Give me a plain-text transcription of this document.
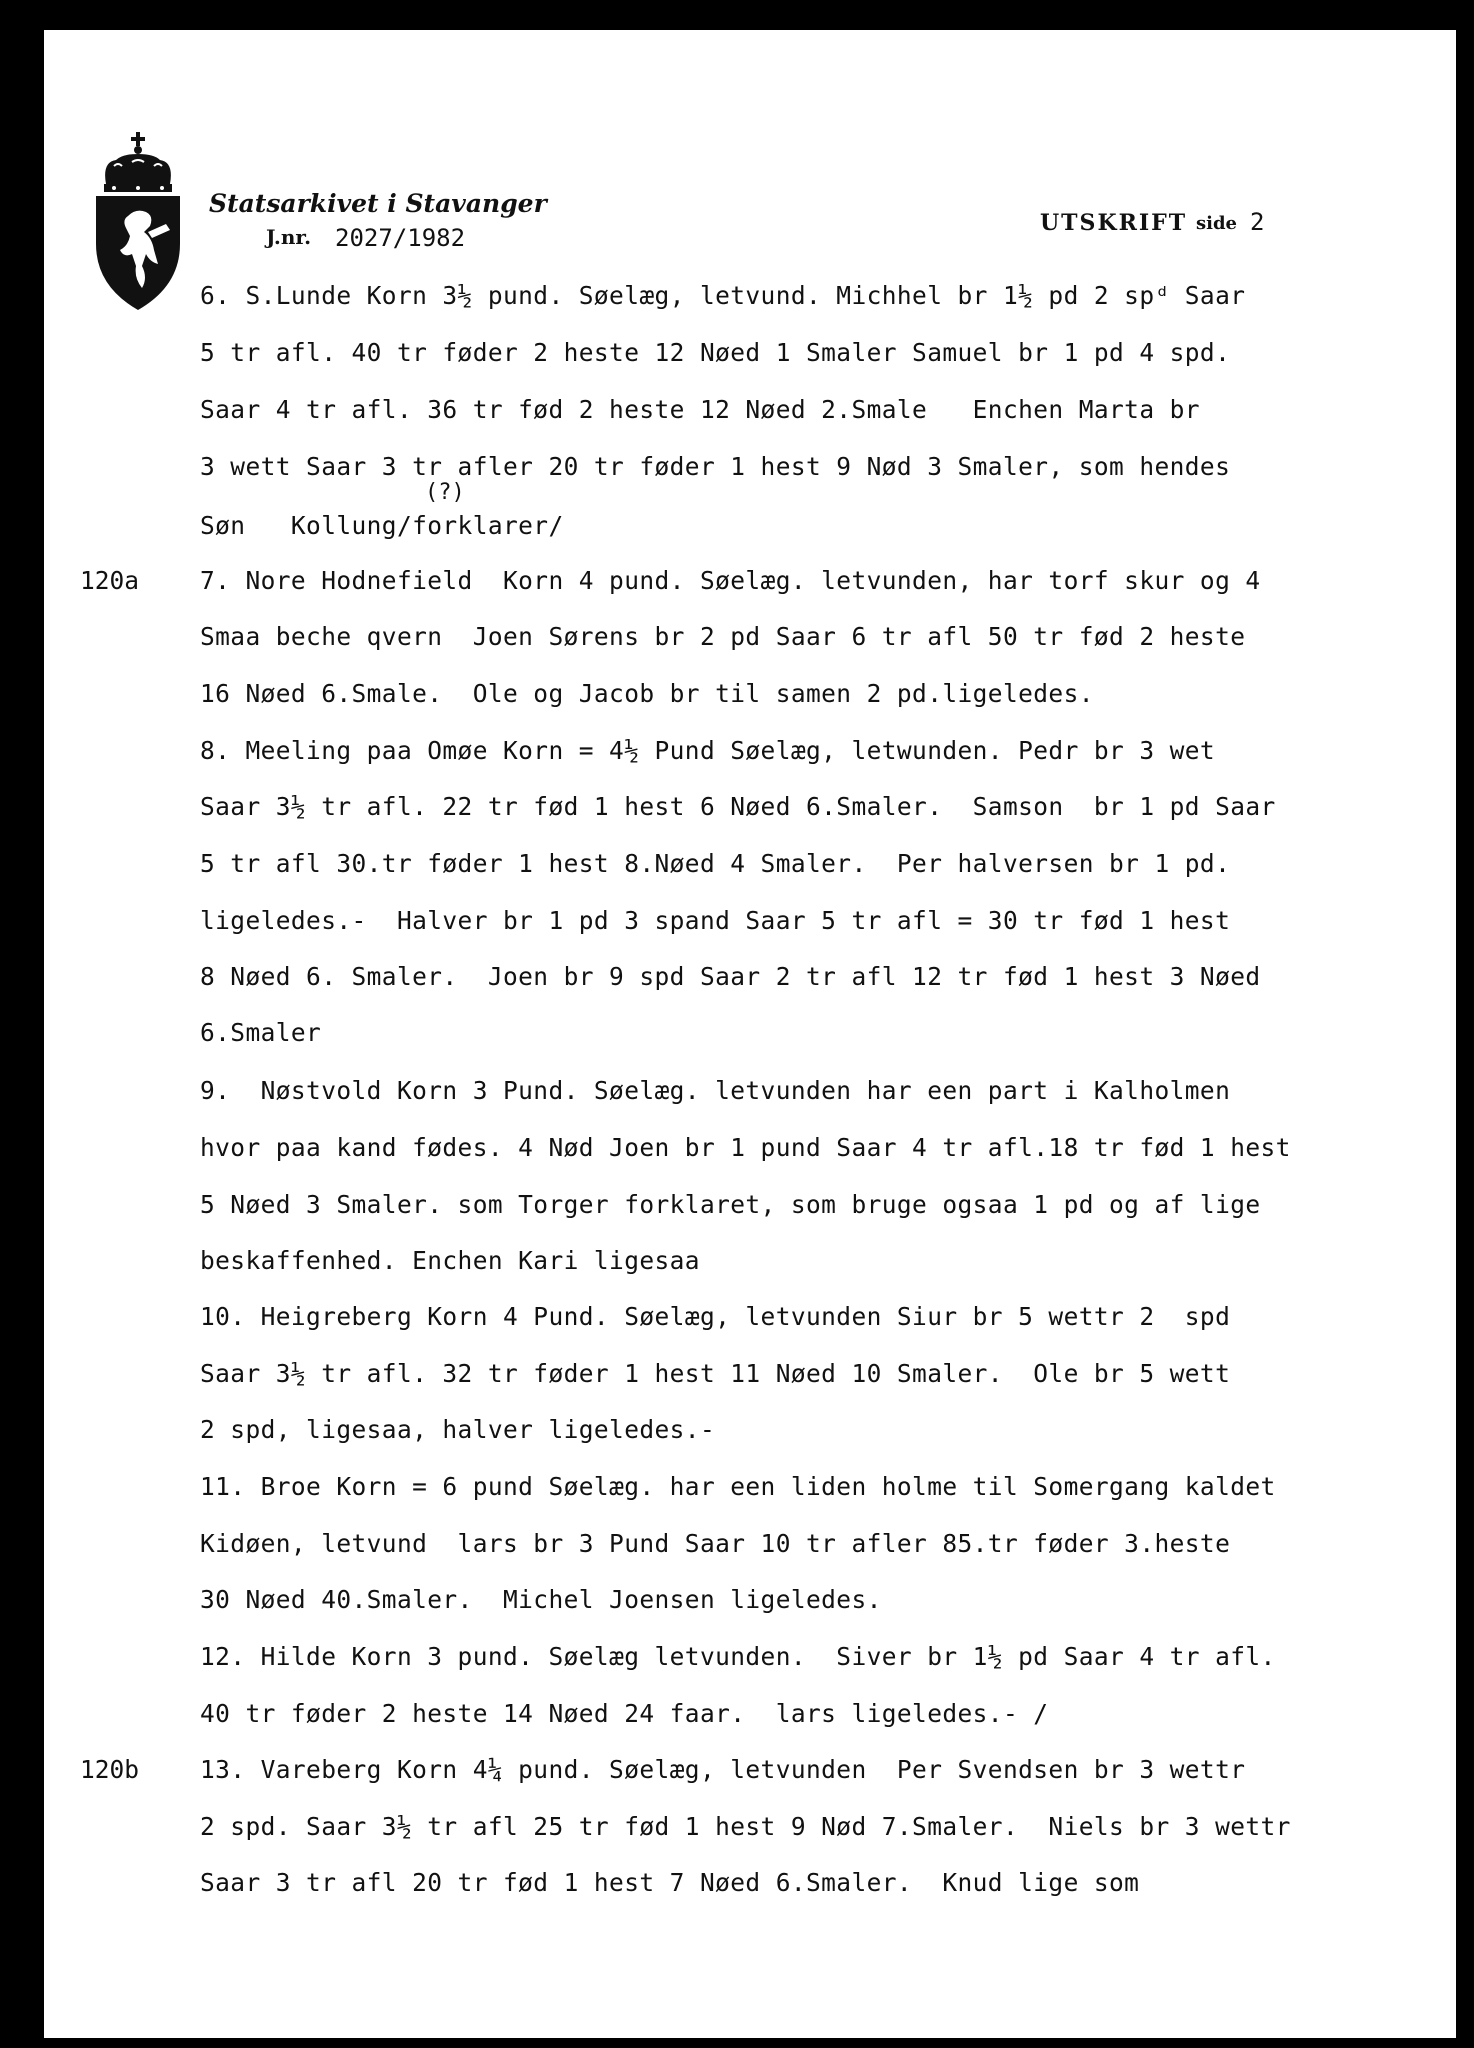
Statsarkivet i Stavanger
J.nr. 2027/1982
UTSKRIFT side 2
(?)
120a
120b
6. S.Lunde Korn 3½ pund. Søelæg, letvund. Michhel br 1½ pd 2 spᵈ Saar
5 tr afl. 40 tr føder 2 heste 12 Nøed 1 Smaler Samuel br 1 pd 4 spd.
Saar 4 tr afl. 36 tr fød 2 heste 12 Nøed 2.Smale   Enchen Marta br
3 wett Saar 3 tr afler 20 tr føder 1 hest 9 Nød 3 Smaler, som hendes
Søn   Kollung/forklarer/
7. Nore Hodnefield  Korn 4 pund. Søelæg. letvunden, har torf skur og 4
Smaa beche qvern  Joen Sørens br 2 pd Saar 6 tr afl 50 tr fød 2 heste
16 Nøed 6.Smale.  Ole og Jacob br til samen 2 pd.ligeledes.
8. Meeling paa Omøe Korn = 4½ Pund Søelæg, letwunden. Pedr br 3 wet
Saar 3½ tr afl. 22 tr fød 1 hest 6 Nøed 6.Smaler.  Samson  br 1 pd Saar
5 tr afl 30.tr føder 1 hest 8.Nøed 4 Smaler.  Per halversen br 1 pd.
ligeledes.-  Halver br 1 pd 3 spand Saar 5 tr afl = 30 tr fød 1 hest
8 Nøed 6. Smaler.  Joen br 9 spd Saar 2 tr afl 12 tr fød 1 hest 3 Nøed
6.Smaler
9.  Nøstvold Korn 3 Pund. Søelæg. letvunden har een part i Kalholmen
hvor paa kand fødes. 4 Nød Joen br 1 pund Saar 4 tr afl.18 tr fød 1 hest
5 Nøed 3 Smaler. som Torger forklaret, som bruge ogsaa 1 pd og af lige
beskaffenhed. Enchen Kari ligesaa
10. Heigreberg Korn 4 Pund. Søelæg, letvunden Siur br 5 wettr 2  spd
Saar 3½ tr afl. 32 tr føder 1 hest 11 Nøed 10 Smaler.  Ole br 5 wett
2 spd, ligesaa, halver ligeledes.-
11. Broe Korn = 6 pund Søelæg. har een liden holme til Somergang kaldet
Kidøen, letvund  lars br 3 Pund Saar 10 tr afler 85.tr føder 3.heste
30 Nøed 40.Smaler.  Michel Joensen ligeledes.
12. Hilde Korn 3 pund. Søelæg letvunden.  Siver br 1½ pd Saar 4 tr afl.
40 tr føder 2 heste 14 Nøed 24 faar.  lars ligeledes.- /
13. Vareberg Korn 4¼ pund. Søelæg, letvunden  Per Svendsen br 3 wettr
2 spd. Saar 3½ tr afl 25 tr fød 1 hest 9 Nød 7.Smaler.  Niels br 3 wettr
Saar 3 tr afl 20 tr fød 1 hest 7 Nøed 6.Smaler.  Knud lige som
